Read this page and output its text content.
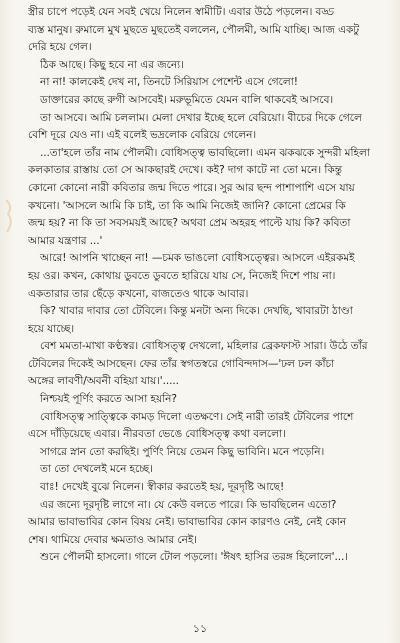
স্ত্রীর চাপে পড়েই যেন সবই খেয়ে নিলেন স্বামীটি। এবার উঠে পড়লেন। বড্ড
ব্যস্ত মানুষ। রুমালে মুখ মুছতে মুছতেই বললেন, পৌলমী, আমি যাচ্ছি। আজ একটু
দেরি হয়ে গেল।
ঠিক আছে। কিছু হবে না এর জন্যে।
না না! কালকেই দেখ না, তিনটে সিরিয়াস পেশেন্ট এসে গেলো!
ডাক্তারের কাছে রুগী আসবেই। মরুভূমিতে যেমন বালি থাকবেই আসবে।
তা আসবে। আমি চললাম। মেলা দেখার ইচ্ছে হলে বেরিয়ো। বীচের দিকে গেলে
বেশি দূরে যেও না। এই বলেই ভদ্রলোক বেরিয়ে গেলেন।
...তা'হলে তাঁর নাম পৌলমী। বোধিসত্ত্ব ভাবছিলো। এমন ঝকঝকে সুন্দরী মহিলা
কলকাতার রাস্তায় তো সে আকছারই দেখে। কই? দাগ কাটে না তো মনে। কিন্তু
কোনো কোনো নারী কবিতার জন্ম দিতে পারে। সুর আর ছন্দ পাশাপাশি এসে যায়
কখনো। 'আসলে আমি কি চাই, তা কি আমি নিজেই জানি? কোনো প্রেমের কি
জন্ম হয়? না কি তা সবসময়ই আছে? অথবা প্রেম অহরহ পাল্টে যায় কি? কবিতা
আমার যন্ত্রণার ...'
আরে! আপনি খাচ্ছেন না! —চমক ভাঙলো বোধিসত্ত্বের। আসলে এইরকমই
হয় ওর। কখন, কোথায় ডুবতে ডুবতে হারিয়ে যায় সে, নিজেই দিশে পায় না।
একতারার তার ছেঁড়ে কখনো, বাজতেও থাকে আবার।
কি? খাবার দাবার তো টেবিলে। কিন্তু মনটা অন্য দিকে। দেখছি, খাবারটা ঠাণ্ডা
হয়ে যাচ্ছে।
বেশ মমতা-মাখা কণ্ঠস্বর। বোধিসত্ত্ব দেখলো, মহিলার ব্রেকফাস্ট সারা। উঠে তাঁর
টেবিলের দিকেই আসছেন। ফের তাঁর স্বগতস্বরে গোবিন্দদাস—'ঢল ঢল কাঁচা
অঙ্গের লাবণী/অবনী বহিয়া যায়।'.....
নিশ্চয়ই পূর্ণিং করতে আসা হয়নি?
বোধিসত্ত্ব সাত্ত্বিকে কামড় দিলো এতক্ষণে। সেই নারী তারই টেবিলের পাশে
এসে দাঁড়িয়েছে এবার। নীরবতা ভেঙে বোধিসত্ত্ব কথা বললো।
সাগরে স্নান তো করছিই। পুর্ণিং নিয়ে তেমন কিছু ভাবিনি। মনে পড়েনি।
তা তো দেখলেই মনে হচ্ছে।
বাঃ! দেখেই বুঝে নিলেন। স্বীকার করতেই হয়, দূরদৃষ্টি আছে!
এর জন্যে দূরদৃষ্টি লাগে না। যে কেউ বলতে পারে। কি ভাবছিলেন এতো?
আমার ভাবাভাবির কোন বিষয় নেই। ভাবাভাবির কোন কারণও নেই, নেই কোন
শেষ। থামিয়ে দেবার ক্ষমতাও আমার নেই।
শুনে পৌলমী হাসলো। গালে টোল পড়লো। 'ঈষৎ হাসির তরঙ্গ হিলোলে'...।
১১
